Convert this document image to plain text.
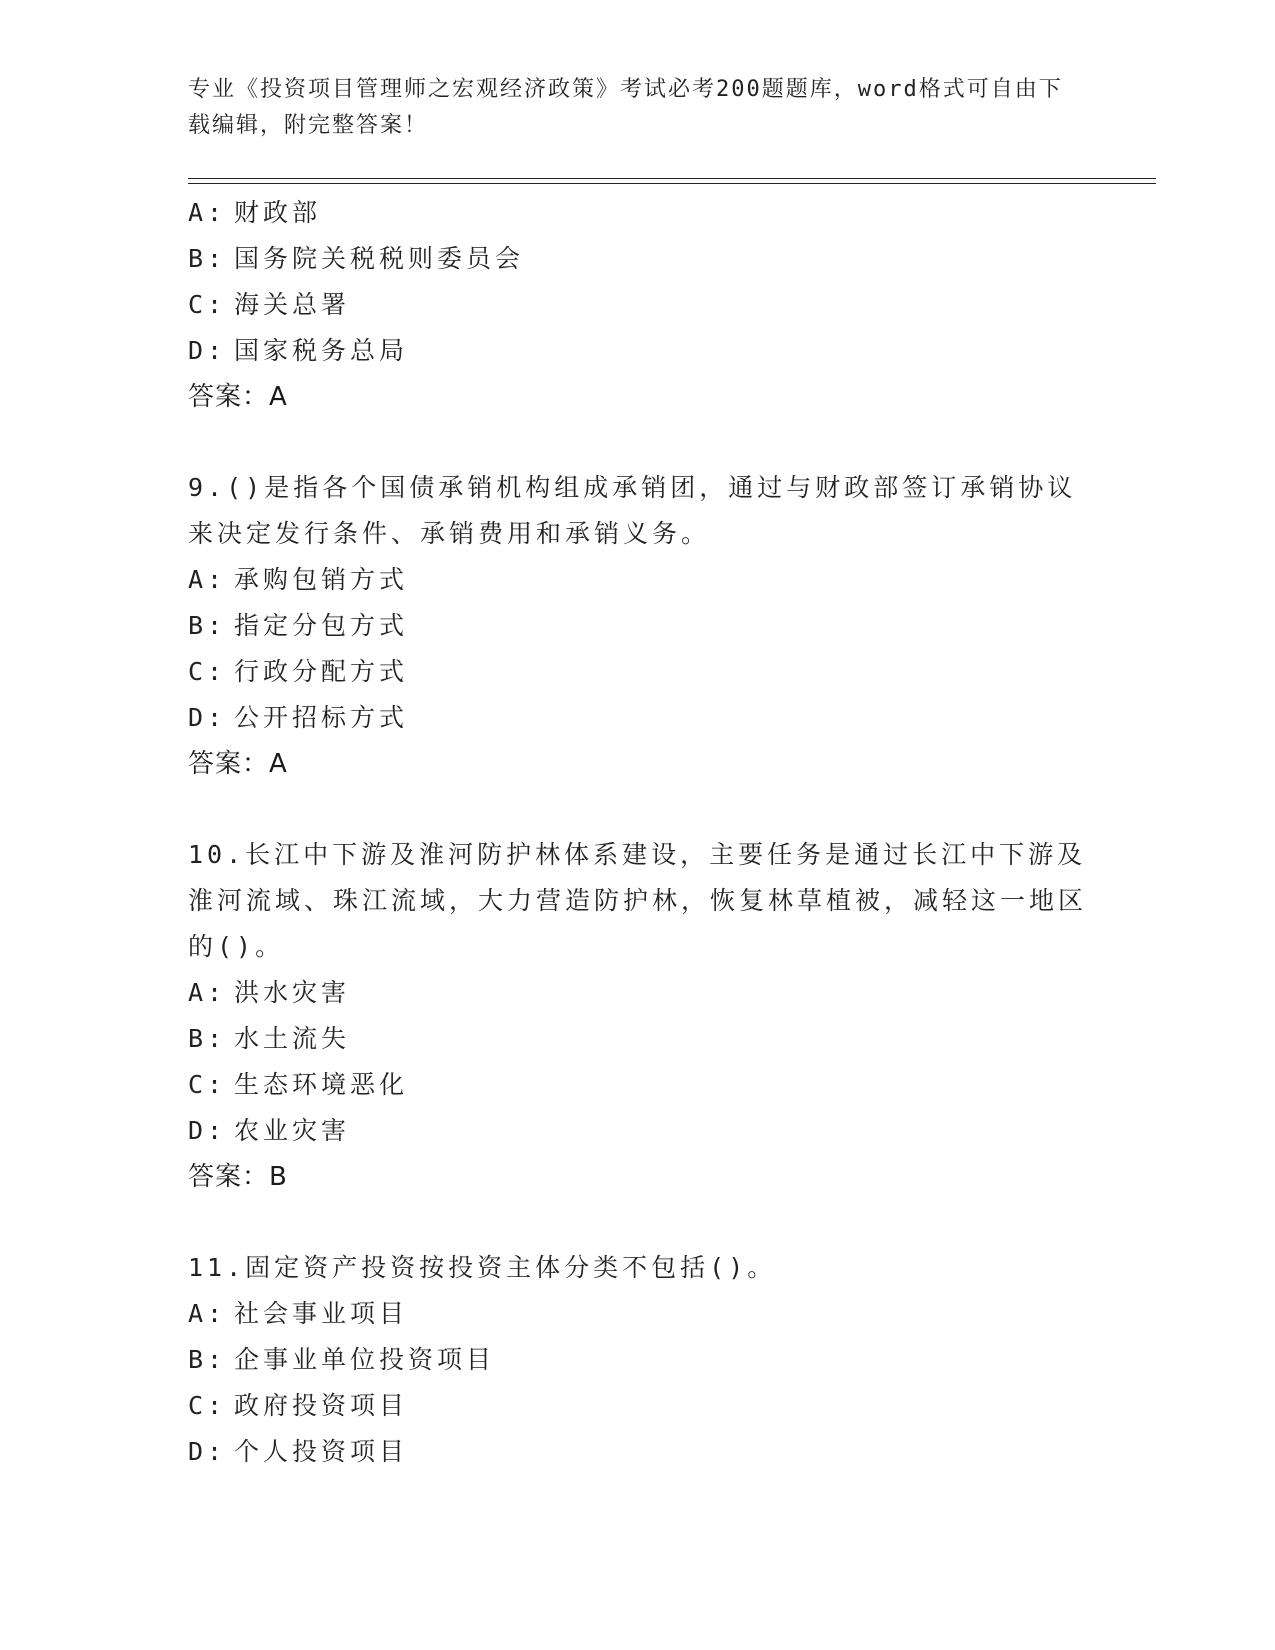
专业《投资项目管理师之宏观经济政策》考试必考200题题库，word格式可自由下载编辑，附完整答案！
A: 财政部
B: 国务院关税税则委员会
C: 海关总署
D: 国家税务总局
答案：A
9.()是指各个国债承销机构组成承销团，通过与财政部签订承销协议来决定发行条件、承销费用和承销义务。
A: 承购包销方式
B: 指定分包方式
C: 行政分配方式
D: 公开招标方式
答案：A
10.长江中下游及淮河防护林体系建设，主要任务是通过长江中下游及淮河流域、珠江流域，大力营造防护林，恢复林草植被，减轻这一地区的()。
A: 洪水灾害
B: 水土流失
C: 生态环境恶化
D: 农业灾害
答案：B
11.固定资产投资按投资主体分类不包括()。
A: 社会事业项目
B: 企事业单位投资项目
C: 政府投资项目
D: 个人投资项目
